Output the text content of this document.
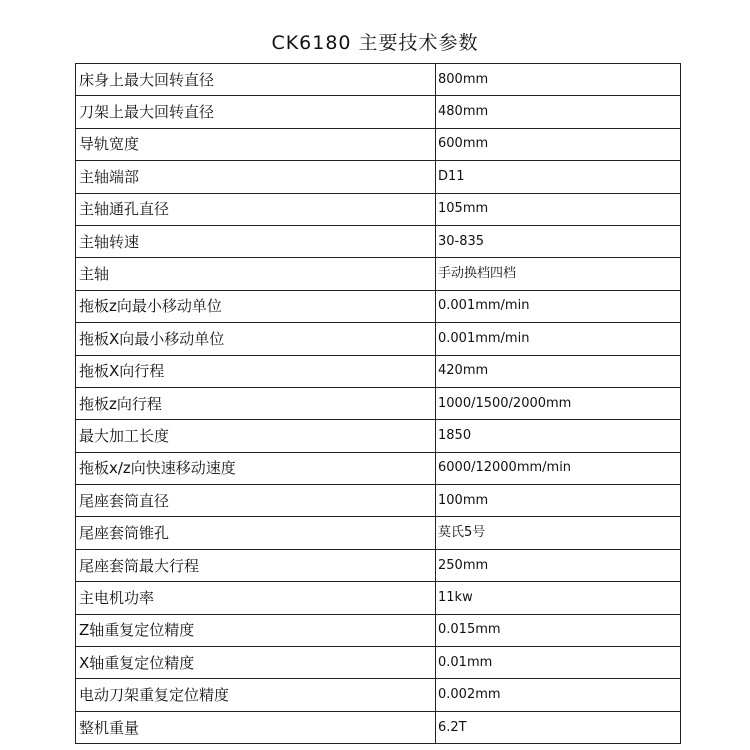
CK6180 主要技术参数
床身上最大回转直径	800mm
刀架上最大回转直径	480mm
导轨宽度	600mm
主轴端部	D11
主轴通孔直径	105mm
主轴转速	30-835
主轴	手动换档四档
拖板z向最小移动单位	0.001mm/min
拖板X向最小移动单位	0.001mm/min
拖板X向行程	420mm
拖板z向行程	1000/1500/2000mm
最大加工长度	1850
拖板x/z向快速移动速度	6000/12000mm/min
尾座套筒直径	100mm
尾座套筒锥孔	莫氏5号
尾座套筒最大行程	250mm
主电机功率	11kw
Z轴重复定位精度	0.015mm
X轴重复定位精度	0.01mm
电动刀架重复定位精度	0.002mm
整机重量	6.2T
